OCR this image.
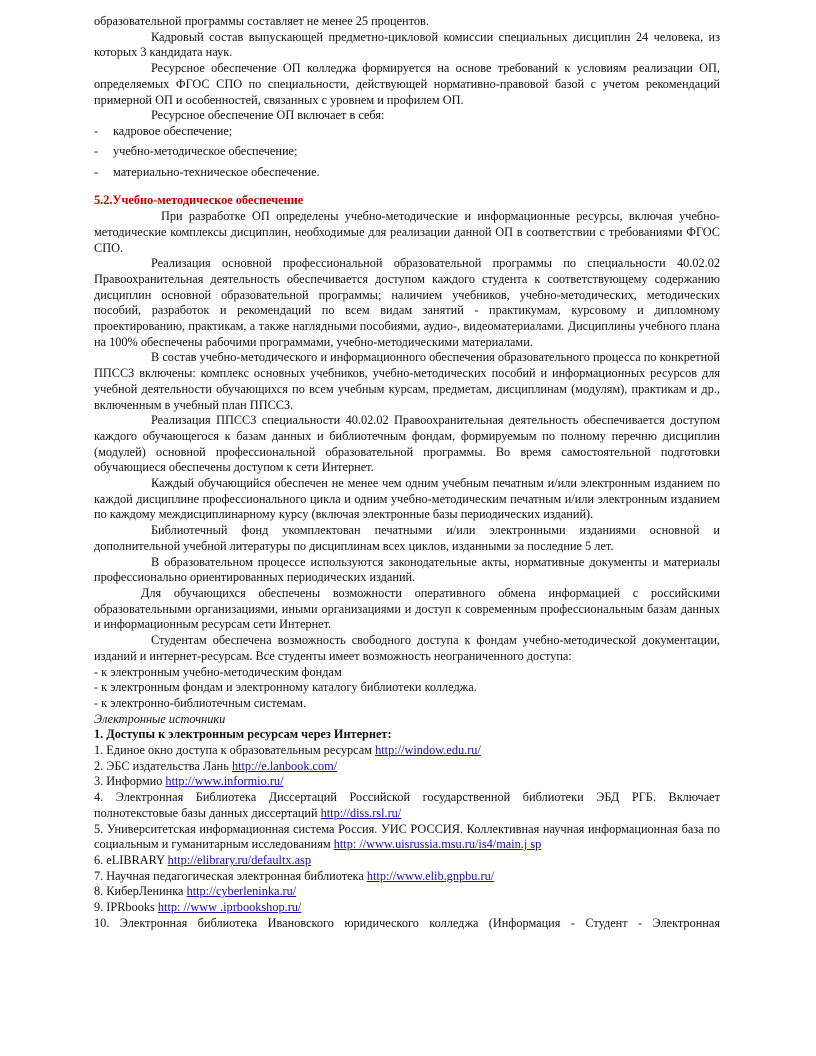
образовательной программы составляет не менее 25 процентов.

Кадровый состав выпускающей предметно-цикловой комиссии специальных дисциплин 24 человека, из которых 3 кандидата наук.

Ресурсное обеспечение ОП колледжа формируется на основе требований к условиям реализации ОП, определяемых ФГОС СПО по специальности, действующей нормативно-правовой базой с учетом рекомендаций примерной ОП и особенностей, связанных с уровнем и профилем ОП.

Ресурсное обеспечение ОП включает в себя:

-	кадровое обеспечение;
-	учебно-методическое обеспечение;
-	материально-техническое обеспечение.

5.2.Учебно-методическое обеспечение

При разработке ОП определены учебно-методические и информационные ресурсы, включая учебно-методические комплексы дисциплин, необходимые для реализации данной ОП в соответствии с требованиями ФГОС СПО.

Реализация основной профессиональной образовательной программы по специальности 40.02.02 Правоохранительная деятельность обеспечивается доступом каждого студента к соответствующему содержанию дисциплин основной образовательной программы; наличием учебников, учебно-методических, методических пособий, разработок и рекомендаций по всем видам занятий - практикумам, курсовому и дипломному проектированию, практикам, а также наглядными пособиями, аудио-, видеоматериалами. Дисциплины учебного плана на 100% обеспечены рабочими программами, учебно-методическими материалами.

В состав учебно-методического и информационного обеспечения образовательного процесса по конкретной ППССЗ включены: комплекс основных учебников, учебно-методических пособий и информационных ресурсов для учебной деятельности обучающихся по всем учебным курсам, предметам, дисциплинам (модулям), практикам и др., включенным в учебный план ППССЗ.

Реализация ППССЗ специальности 40.02.02 Правоохранительная деятельность обеспечивается доступом каждого обучающегося к базам данных и библиотечным фондам, формируемым по полному перечню дисциплин (модулей) основной профессиональной образовательной программы. Во время самостоятельной подготовки обучающиеся обеспечены доступом к сети Интернет.

Каждый обучающийся обеспечен не менее чем одним учебным печатным и/или электронным изданием по каждой дисциплине профессионального цикла и одним учебно-методическим печатным и/или электронным изданием по каждому междисциплинарному курсу (включая электронные базы периодических изданий).

Библиотечный фонд укомплектован печатными и/или электронными изданиями основной и дополнительной учебной литературы по дисциплинам всех циклов, изданными за последние 5 лет.

В образовательном процессе используются законодательные акты, нормативные документы и материалы профессионально ориентированных периодических изданий.

Для обучающихся обеспечены возможности оперативного обмена информацией с российскими образовательными организациями, иными организациями и доступ к современным профессиональным базам данных и информационным ресурсам сети Интернет.

Студентам обеспечена возможность свободного доступа к фондам учебно-методической документации, изданий и интернет-ресурсам. Все студенты имеет возможность неограниченного доступа:

- к электронным учебно-методическим фондам

- к электронным фондам и электронному каталогу библиотеки колледжа.

- к электронно-библиотечным системам.

Электронные источники

1. Доступы к электронным ресурсам через Интернет:

1. Единое окно доступа к образовательным ресурсам http://window.edu.ru/

2. ЭБС издательства Лань http://e.lanbook.com/

3. Информио http://www.informio.ru/

4. Электронная Библиотека Диссертаций Российской государственной библиотеки ЭБД РГБ. Включает полнотекстовые базы данных диссертаций http://diss.rsl.ru/

5. Университетская информационная система Россия. УИС РОССИЯ. Коллективная научная информационная база по социальным и гуманитарным исследованиям http: //www.uisrussia.msu.ru/is4/main.j sp

6. eLIBRARY http://elibrary.ru/defaultx.asp

7. Научная педагогическая электронная библиотека http://www.elib.gnpbu.ru/

8. КиберЛенинка http://cyberleninka.ru/

9. IPRbooks http: //www .iprbookshop.ru/

10. Электронная библиотека Ивановского юридического колледжа (Информация - Студент - Электронная
